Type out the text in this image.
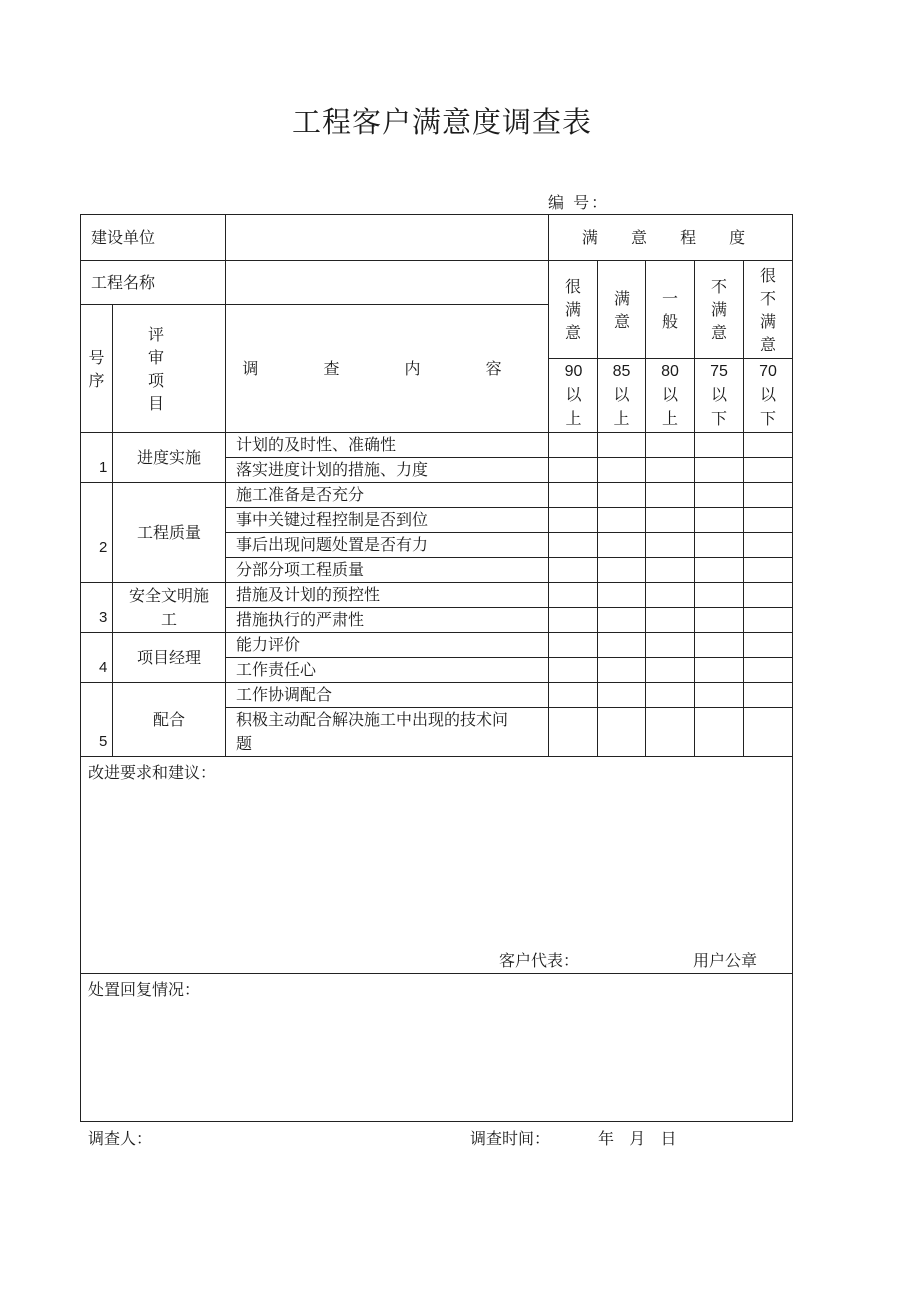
工程客户满意度调查表
编 号：
建设单位			满 意 程 度				
工程名称			很满意	满意	一般	不满意	很不满意
号序	评 审 项 目	调 查 内 容					
			90以上	85以上	80以上	75以下	70以下

1	进度实施	计划的及时性、准确性					
		落实进度计划的措施、力度					

2	工程质量	施工准备是否充分					
		事中关键过程控制是否到位					
		事后出现问题处置是否有力					
		分部分项工程质量					

3	安全文明施工	措施及计划的预控性					
		措施执行的严肃性					

4	项目经理	能力评价					
		工作责任心					

5	配合	工作协调配合					

		积极主动配合解决施工中出现的技术问题					

改进要求和建议：
客户代表： 用户公章							

处置回复情况：							
调查人：	调查时间：	年   月   日
